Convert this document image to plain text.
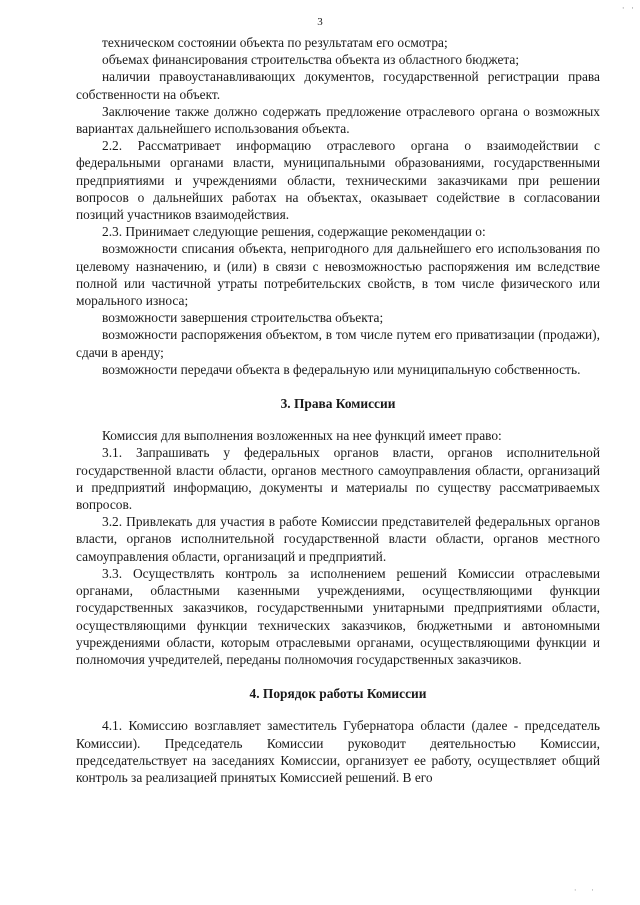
· ·
3

техническом состоянии объекта по результатам его осмотра;

объемах финансирования строительства объекта из областного бюджета;

наличии правоустанавливающих документов, государственной регистрации права собственности на объект.

Заключение также должно содержать предложение отраслевого органа о возможных вариантах дальнейшего использования объекта.

2.2. Рассматривает информацию отраслевого органа о взаимодействии с федеральными органами власти, муниципальными образованиями, государственными предприятиями и учреждениями области, техническими заказчиками при решении вопросов о дальнейших работах на объектах, оказывает содействие в согласовании позиций участников взаимодействия.

2.3. Принимает следующие решения, содержащие рекомендации о:

возможности списания объекта, непригодного для дальнейшего его использования по целевому назначению, и (или) в связи с невозможностью распоряжения им вследствие полной или частичной утраты потребительских свойств, в том числе физического или морального износа;

возможности завершения строительства объекта;

возможности распоряжения объектом, в том числе путем его приватизации (продажи), сдачи в аренду;

возможности передачи объекта в федеральную или муниципальную собственность.

3. Права Комиссии

Комиссия для выполнения возложенных на нее функций имеет право:

3.1. Запрашивать у федеральных органов власти, органов исполнительной государственной власти области, органов местного самоуправления области, организаций и предприятий информацию, документы и материалы по существу рассматриваемых вопросов.

3.2. Привлекать для участия в работе Комиссии представителей федеральных органов власти, органов исполнительной государственной власти области, органов местного самоуправления области, организаций и предприятий.

3.3. Осуществлять контроль за исполнением решений Комиссии отраслевыми органами, областными казенными учреждениями, осуществляющими функции государственных заказчиков, государственными унитарными предприятиями области, осуществляющими функции технических заказчиков, бюджетными и автономными учреждениями области, которым отраслевыми органами, осуществляющими функции и полномочия учредителей, переданы полномочия государственных заказчиков.

4. Порядок работы Комиссии

4.1. Комиссию возглавляет заместитель Губернатора области (далее - председатель Комиссии). Председатель Комиссии руководит деятельностью Комиссии, председательствует на заседаниях Комиссии, организует ее работу, осуществляет общий контроль за реализацией принятых Комиссией решений. В его

· ·
